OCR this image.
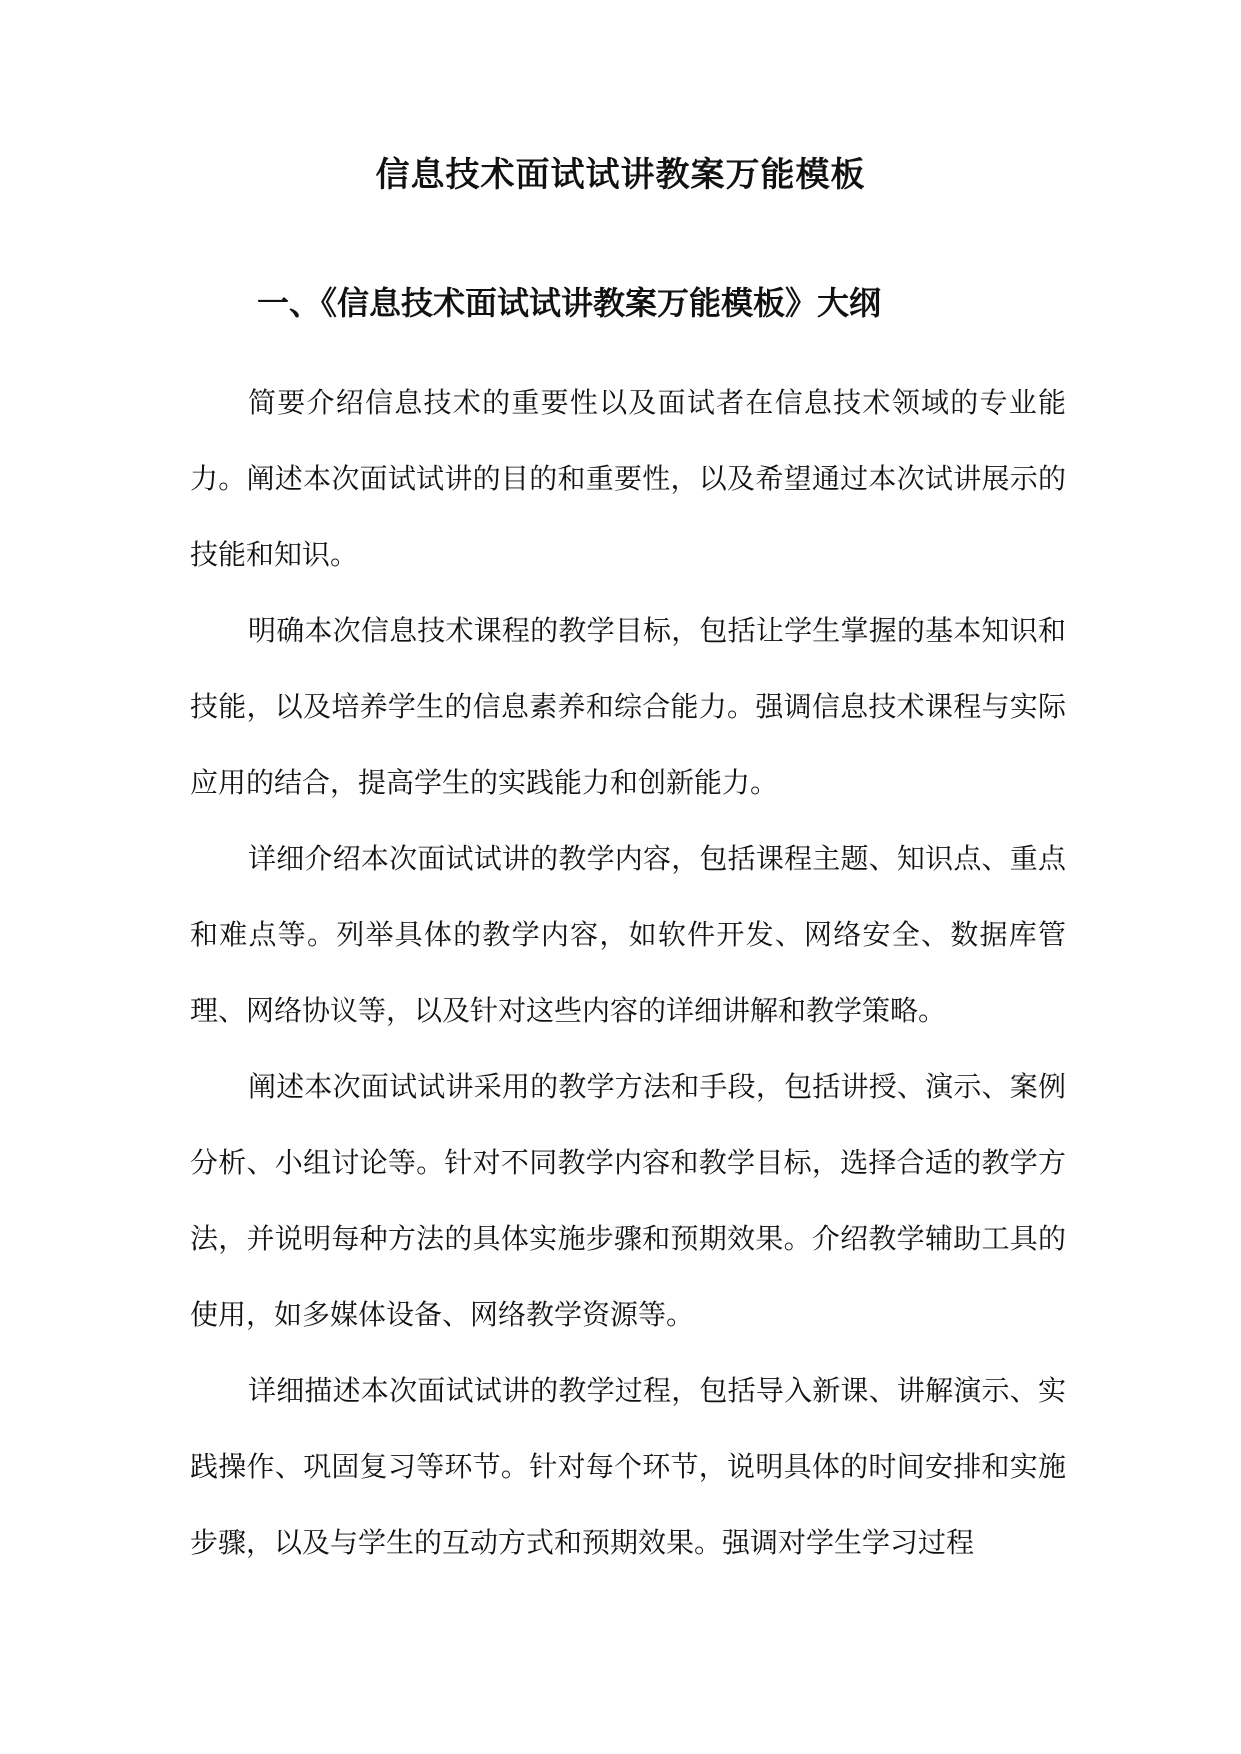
信息技术面试试讲教案万能模板
一、《信息技术面试试讲教案万能模板》大纲

简要介绍信息技术的重要性以及面试者在信息技术领域的专业能力。阐述本次面试试讲的目的和重要性，以及希望通过本次试讲展示的技能和知识。

明确本次信息技术课程的教学目标，包括让学生掌握的基本知识和技能，以及培养学生的信息素养和综合能力。强调信息技术课程与实际应用的结合，提高学生的实践能力和创新能力。

详细介绍本次面试试讲的教学内容，包括课程主题、知识点、重点和难点等。列举具体的教学内容，如软件开发、网络安全、数据库管理、网络协议等，以及针对这些内容的详细讲解和教学策略。

阐述本次面试试讲采用的教学方法和手段，包括讲授、演示、案例分析、小组讨论等。针对不同教学内容和教学目标，选择合适的教学方法，并说明每种方法的具体实施步骤和预期效果。介绍教学辅助工具的使用，如多媒体设备、网络教学资源等。

详细描述本次面试试讲的教学过程，包括导入新课、讲解演示、实践操作、巩固复习等环节。针对每个环节，说明具体的时间安排和实施步骤，以及与学生的互动方式和预期效果。强调对学生学习过程
